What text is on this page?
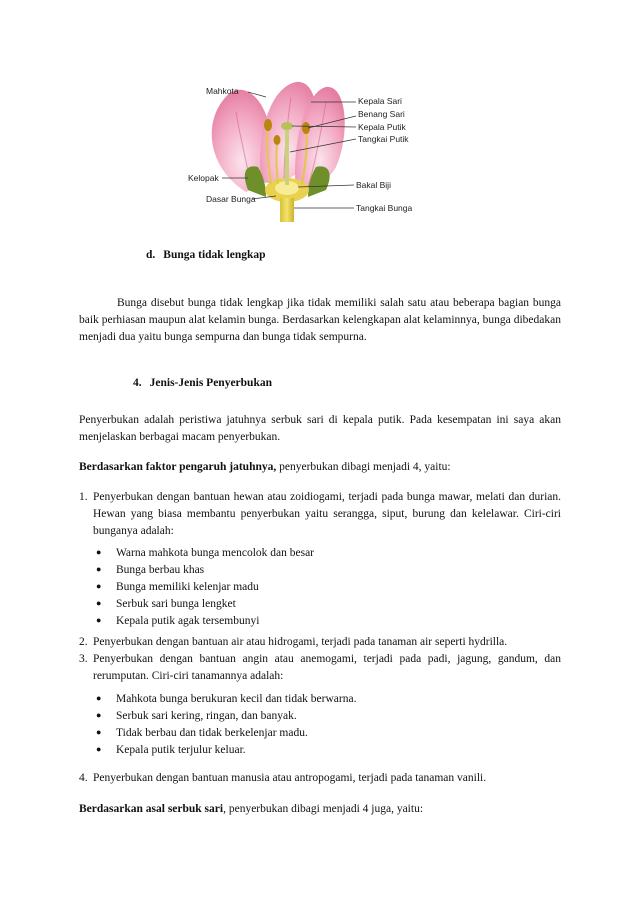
Mahkota
Kepala Sari
Benang Sari
Kepala Putik
Tangkai Putik
Kelopak
Bakal Biji
Dasar Bunga
Tangkai Bunga
d. Bunga tidak lengkap
Bunga disebut bunga tidak lengkap jika tidak memiliki salah satu atau beberapa bagian bunga baik perhiasan maupun alat kelamin bunga. Berdasarkan kelengkapan alat kelaminnya, bunga dibedakan menjadi dua yaitu bunga sempurna dan bunga tidak sempurna.
4. Jenis-Jenis Penyerbukan
Penyerbukan adalah peristiwa jatuhnya serbuk sari di kepala putik. Pada kesempatan ini saya akan menjelaskan berbagai macam penyerbukan.
Berdasarkan faktor pengaruh jatuhnya, penyerbukan dibagi menjadi 4, yaitu:
1. Penyerbukan dengan bantuan hewan atau zoidiogami, terjadi pada bunga mawar, melati dan durian. Hewan yang biasa membantu penyerbukan yaitu serangga, siput, burung dan kelelawar. Ciri-ciri bunganya adalah:
● Warna mahkota bunga mencolok dan besar
● Bunga berbau khas
● Bunga memiliki kelenjar madu
● Serbuk sari bunga lengket
● Kepala putik agak tersembunyi
2. Penyerbukan dengan bantuan air atau hidrogami, terjadi pada tanaman air seperti hydrilla.
3. Penyerbukan dengan bantuan angin atau anemogami, terjadi pada padi, jagung, gandum, dan rerumputan. Ciri-ciri tanamannya adalah:
● Mahkota bunga berukuran kecil dan tidak berwarna.
● Serbuk sari kering, ringan, dan banyak.
● Tidak berbau dan tidak berkelenjar madu.
● Kepala putik terjulur keluar.
4. Penyerbukan dengan bantuan manusia atau antropogami, terjadi pada tanaman vanili.
Berdasarkan asal serbuk sari, penyerbukan dibagi menjadi 4 juga, yaitu:
